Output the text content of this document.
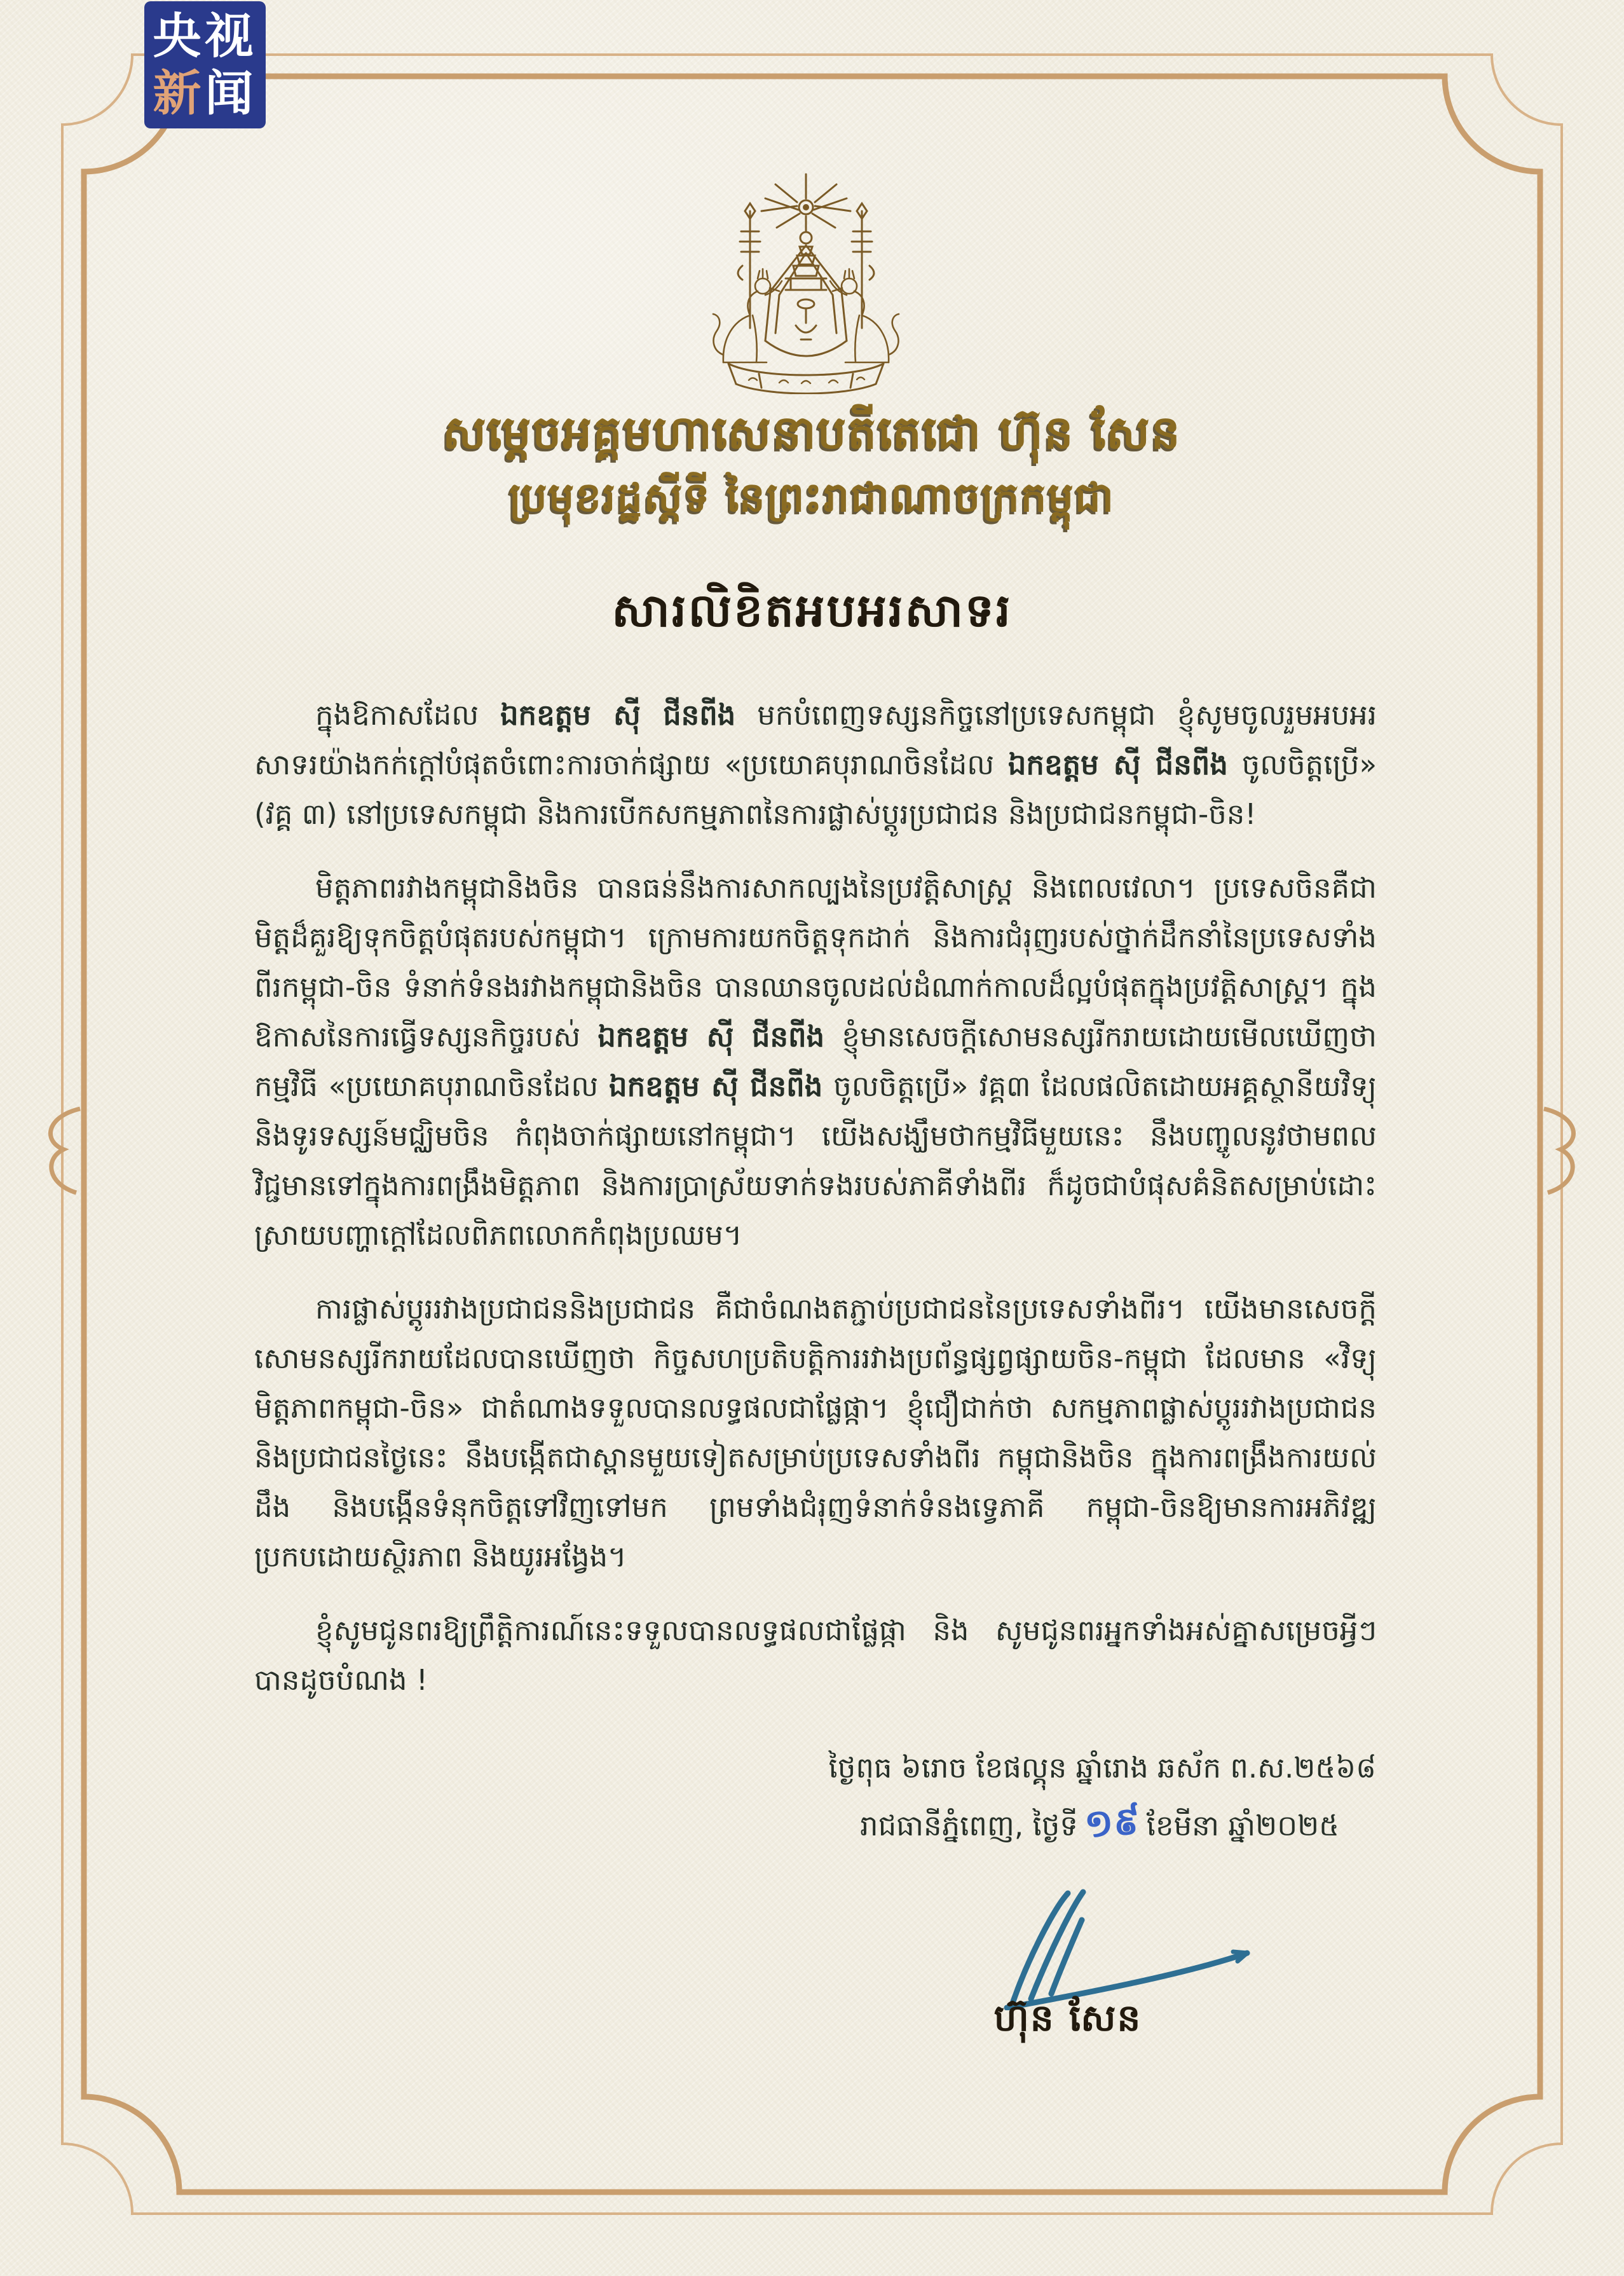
央视
新闻
សម្តេចអគ្គមហាសេនាបតីតេជោ ហ៊ុន សែន
ប្រមុខរដ្ឋស្តីទី នៃព្រះរាជាណាចក្រកម្ពុជា
សារលិខិតអបអរសាទរ

ក្នុងឱកាសដែល ឯកឧត្តម ស៊ី ជីនពីង មកបំពេញទស្សនកិច្ចនៅប្រទេសកម្ពុជា ខ្ញុំសូមចូលរួមអបអរសាទរយ៉ាងកក់ក្ដៅបំផុតចំពោះការចាក់ផ្សាយ «ប្រយោគបុរាណចិនដែល ឯកឧត្តម ស៊ី ជីនពីង ចូលចិត្តប្រើ» (វគ្គ ៣) នៅប្រទេសកម្ពុជា និងការបើកសកម្មភាពនៃការផ្លាស់ប្ដូរប្រជាជន និងប្រជាជនកម្ពុជា-ចិន!

មិត្តភាពរវាងកម្ពុជានិងចិន បានធន់នឹងការសាកល្បងនៃប្រវត្តិសាស្ត្រ និងពេលវេលា។ ប្រទេសចិនគឺជាមិត្តដ៏គួរឱ្យទុកចិត្តបំផុតរបស់កម្ពុជា។ ក្រោមការយកចិត្តទុកដាក់ និងការជំរុញរបស់ថ្នាក់ដឹកនាំនៃប្រទេសទាំងពីរកម្ពុជា-ចិន ទំនាក់ទំនងរវាងកម្ពុជានិងចិន បានឈានចូលដល់ដំណាក់កាលដ៏ល្អបំផុតក្នុងប្រវត្តិសាស្ត្រ។ ក្នុងឱកាសនៃការធ្វើទស្សនកិច្ចរបស់ ឯកឧត្តម ស៊ី ជីនពីង ខ្ញុំមានសេចក្ដីសោមនស្សរីករាយដោយមើលឃើញថាកម្មវិធី «ប្រយោគបុរាណចិនដែល ឯកឧត្តម ស៊ី ជីនពីង ចូលចិត្តប្រើ» វគ្គ៣ ដែលផលិតដោយអគ្គស្ថានីយវិទ្យុ និងទូរទស្សន៍មជ្ឈិមចិន កំពុងចាក់ផ្សាយនៅកម្ពុជា។ យើងសង្ឃឹមថាកម្មវិធីមួយនេះ នឹងបញ្ចូលនូវថាមពលវិជ្ជមានទៅក្នុងការពង្រឹងមិត្តភាព និងការប្រាស្រ័យទាក់ទងរបស់ភាគីទាំងពីរ ក៏ដូចជាបំផុសគំនិតសម្រាប់ដោះស្រាយបញ្ហាក្ដៅដែលពិភពលោកកំពុងប្រឈម។

ការផ្លាស់ប្ដូររវាងប្រជាជននិងប្រជាជន គឺជាចំណងតភ្ជាប់ប្រជាជននៃប្រទេសទាំងពីរ។ យើងមានសេចក្ដីសោមនស្សរីករាយដែលបានឃើញថា កិច្ចសហប្រតិបត្តិការរវាងប្រព័ន្ធផ្សព្វផ្សាយចិន-កម្ពុជា ដែលមាន «វិទ្យុមិត្តភាពកម្ពុជា-ចិន» ជាតំណាងទទួលបានលទ្ធផលជាផ្លែផ្កា។ ខ្ញុំជឿជាក់ថា សកម្មភាពផ្លាស់ប្ដូររវាងប្រជាជននិងប្រជាជនថ្ងៃនេះ នឹងបង្កើតជាស្ពានមួយទៀតសម្រាប់ប្រទេសទាំងពីរ កម្ពុជានិងចិន ក្នុងការពង្រឹងការយល់ដឹង និងបង្កើនទំនុកចិត្តទៅវិញទៅមក ព្រមទាំងជំរុញទំនាក់ទំនងទ្វេភាគី កម្ពុជា-ចិនឱ្យមានការអភិវឌ្ឍប្រកបដោយស្ថិរភាព និងយូរអង្វែង។

ខ្ញុំសូមជូនពរឱ្យព្រឹត្តិការណ៍នេះទទួលបានលទ្ធផលជាផ្លែផ្កា និង សូមជូនពរអ្នកទាំងអស់គ្នាសម្រេចអ្វីៗបានដូចបំណង !

ថ្ងៃពុធ ៦រោច ខែផល្គុន ឆ្នាំរោង ឆស័ក ព.ស.២៥៦៨
រាជធានីភ្នំពេញ, ថ្ងៃទី ១៩ ខែមីនា ឆ្នាំ២០២៥
ហ៊ុន សែន
